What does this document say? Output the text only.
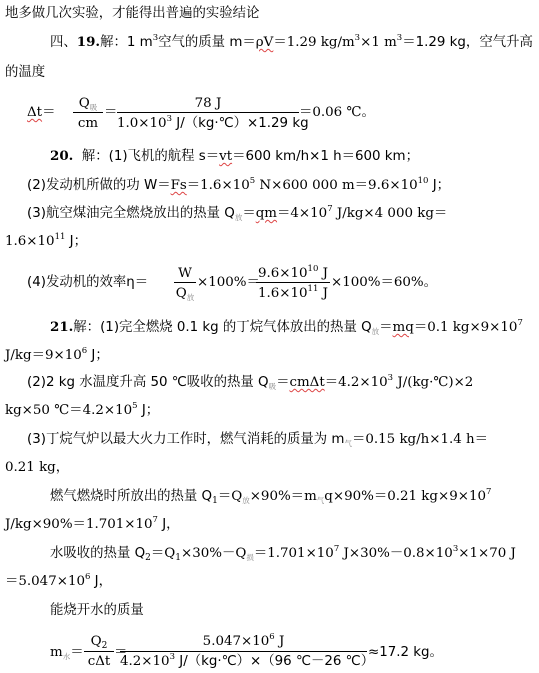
地多做几次实验，才能得出普遍的实验结论
四、19.解：1 $m^3$空气的质量 m＝ρV＝1.29 $kg/m^3\times 1$ $m^3=1.29$ kg，空气升高
的温度
Δt＝
$Q_吸$
cm
＝
78 J
$1.0\times 10^3$ J/（kg·℃）×1.29 kg
＝0.06 ℃。
20. 解：(1)飞机的航程 s＝vt＝600 km/h×1 h＝600 km；
(2)发动机所做的功 $W=Fs=1.6\times 10^5$ N×600 000 $m=9.6\times 10^{10}$ J；
(3)航空煤油完全燃烧放出的热量 $Q_放=qm=4\times 10^7$ J/kg×4 000 kg＝
$1.6\times 10^{11}$ J；
(4)发动机的效率η＝
W
$Q_放$
×100%＝
$9.6\times 10^{10}$ J
$1.6\times 10^{11}$ J
×100%＝60%。
21.解：(1)完全燃烧 0.1 kg 的丁烷气体放出的热量 $Q_放=mq=0.1$ $kg\times 9\times 10^7$
$J/kg=9\times 10^6$ J；
(2)2 kg 水温度升高 50 ℃吸收的热量 $Q_吸=cm\Delta t=4.2\times 10^3$ J/(kg·℃)×2
kg×50 $℃=4.2\times 10^5$ J；
(3)丁烷气炉以最大火力工作时，燃气消耗的质量为 $m_气=0.15$ kg/h×1.4 h＝
0.21 kg，
燃气燃烧时所放出的热量 $Q_1=Q_放\times 90\%=m_气q\times 90\%=0.21$ $kg\times 9\times 10^7$
$J/kg\times 90\%=1.701\times 10^7$ J，
水吸收的热量 $Q_2=Q_1\times 30\%-Q_损=1.701\times 10^7$ $J\times 30\%-0.8\times 10^3\times 1\times 70$ J
$=5.047\times 10^6$ J，
能烧开水的质量
$m_水=$
$Q_2$
cΔt
＝
$5.047\times 10^6$ J
$4.2\times 10^3$ J/（kg·℃）×（96 ℃－26 ℃）
≈17.2 kg。
